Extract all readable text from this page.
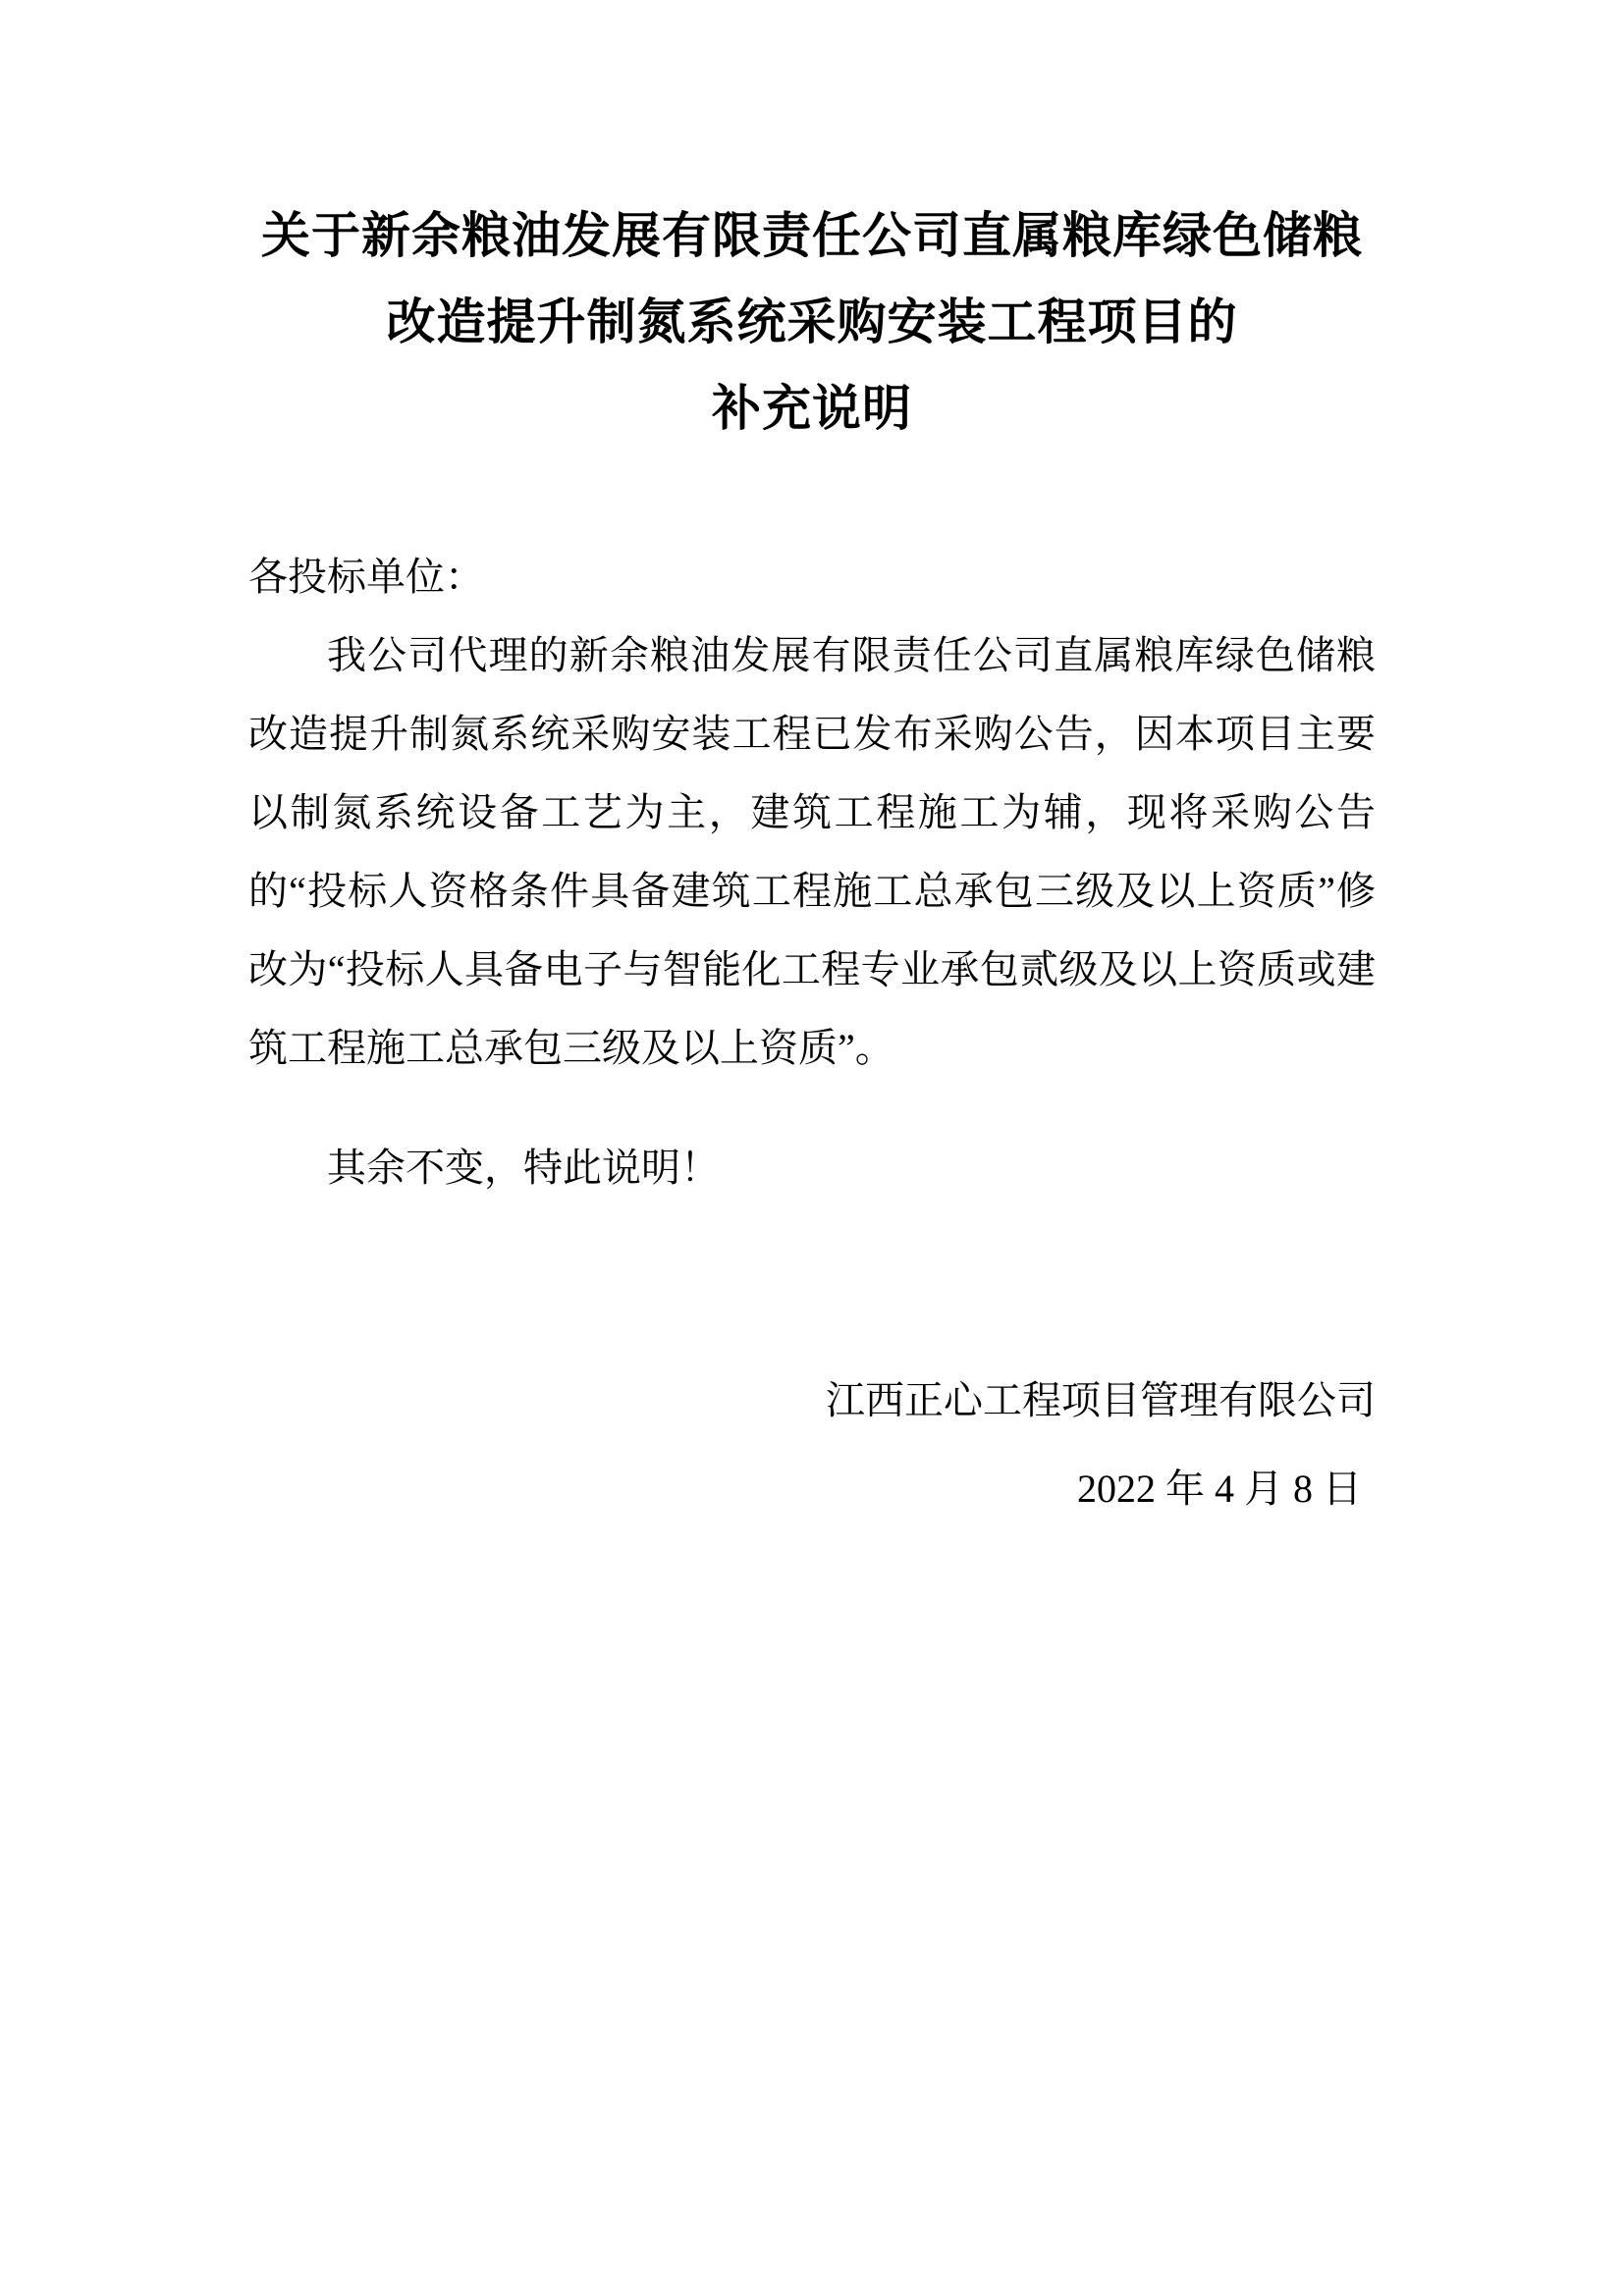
关于新余粮油发展有限责任公司直属粮库绿色储粮
改造提升制氮系统采购安装工程项目的
补充说明
各投标单位：

我公司代理的新余粮油发展有限责任公司直属粮库绿色储粮改造提升制氮系统采购安装工程已发布采购公告，因本项目主要以制氮系统设备工艺为主，建筑工程施工为辅，现将采购公告的“投标人资格条件具备建筑工程施工总承包三级及以上资质”修改为“投标人具备电子与智能化工程专业承包贰级及以上资质或建筑工程施工总承包三级及以上资质”。

其余不变，特此说明！

江西正心工程项目管理有限公司
2022 年 4 月 8 日
